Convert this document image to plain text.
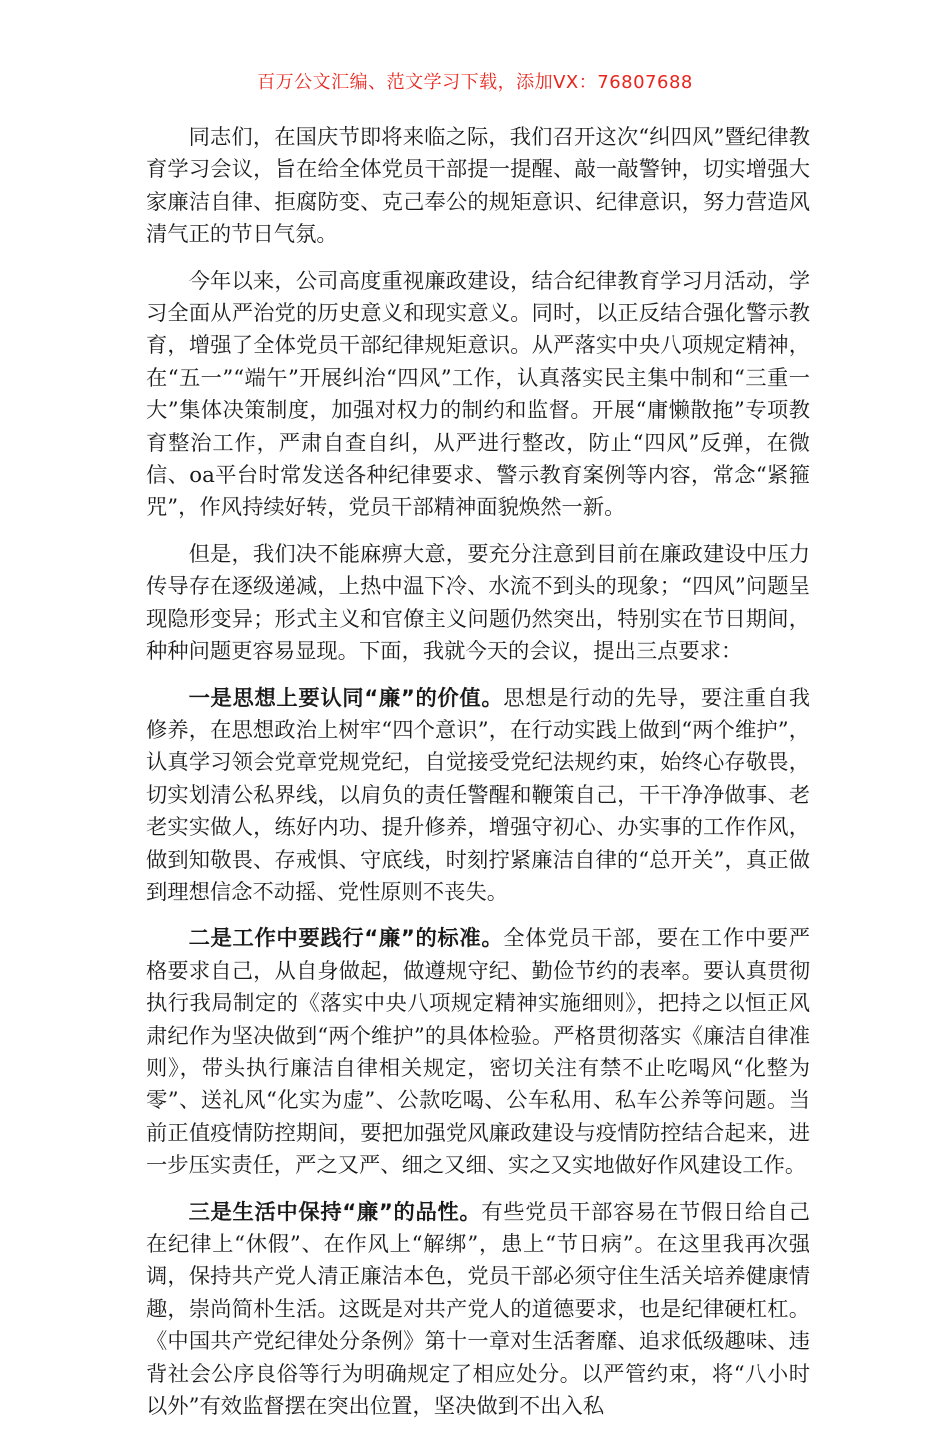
百万公文汇编、范文学习下载，添加VX：76807688

同志们，在国庆节即将来临之际，我们召开这次“纠四风”暨纪律教育学习会议，旨在给全体党员干部提一提醒、敲一敲警钟，切实增强大家廉洁自律、拒腐防变、克己奉公的规矩意识、纪律意识，努力营造风清气正的节日气氛。

今年以来，公司高度重视廉政建设，结合纪律教育学习月活动，学习全面从严治党的历史意义和现实意义。同时，以正反结合强化警示教育，增强了全体党员干部纪律规矩意识。从严落实中央八项规定精神，在“五一”“端午”开展纠治“四风”工作，认真落实民主集中制和“三重一大”集体决策制度，加强对权力的制约和监督。开展“庸懒散拖”专项教育整治工作，严肃自查自纠，从严进行整改，防止“四风”反弹，在微信、oa平台时常发送各种纪律要求、警示教育案例等内容，常念“紧箍咒”，作风持续好转，党员干部精神面貌焕然一新。

但是，我们决不能麻痹大意，要充分注意到目前在廉政建设中压力传导存在逐级递减，上热中温下冷、水流不到头的现象；“四风”问题呈现隐形变异；形式主义和官僚主义问题仍然突出，特别实在节日期间，种种问题更容易显现。下面，我就今天的会议，提出三点要求：

一是思想上要认同“廉”的价值。思想是行动的先导，要注重自我修养，在思想政治上树牢“四个意识”，在行动实践上做到“两个维护”，认真学习领会党章党规党纪，自觉接受党纪法规约束，始终心存敬畏，切实划清公私界线，以肩负的责任警醒和鞭策自己，干干净净做事、老老实实做人，练好内功、提升修养，增强守初心、办实事的工作作风，做到知敬畏、存戒惧、守底线，时刻拧紧廉洁自律的“总开关”，真正做到理想信念不动摇、党性原则不丧失。

二是工作中要践行“廉”的标准。全体党员干部，要在工作中要严格要求自己，从自身做起，做遵规守纪、勤俭节约的表率。要认真贯彻执行我局制定的《落实中央八项规定精神实施细则》，把持之以恒正风肃纪作为坚决做到“两个维护”的具体检验。严格贯彻落实《廉洁自律准则》，带头执行廉洁自律相关规定，密切关注有禁不止吃喝风“化整为零”、送礼风“化实为虚”、公款吃喝、公车私用、私车公养等问题。当前正值疫情防控期间，要把加强党风廉政建设与疫情防控结合起来，进一步压实责任，严之又严、细之又细、实之又实地做好作风建设工作。

三是生活中保持“廉”的品性。有些党员干部容易在节假日给自己在纪律上“休假”、在作风上“解绑”，患上“节日病”。在这里我再次强调，保持共产党人清正廉洁本色，党员干部必须守住生活关培养健康情趣，崇尚简朴生活。这既是对共产党人的道德要求，也是纪律硬杠杠。《中国共产党纪律处分条例》第十一章对生活奢靡、追求低级趣味、违背社会公序良俗等行为明确规定了相应处分。以严管约束，将“八小时以外”有效监督摆在突出位置，坚决做到不出入私
